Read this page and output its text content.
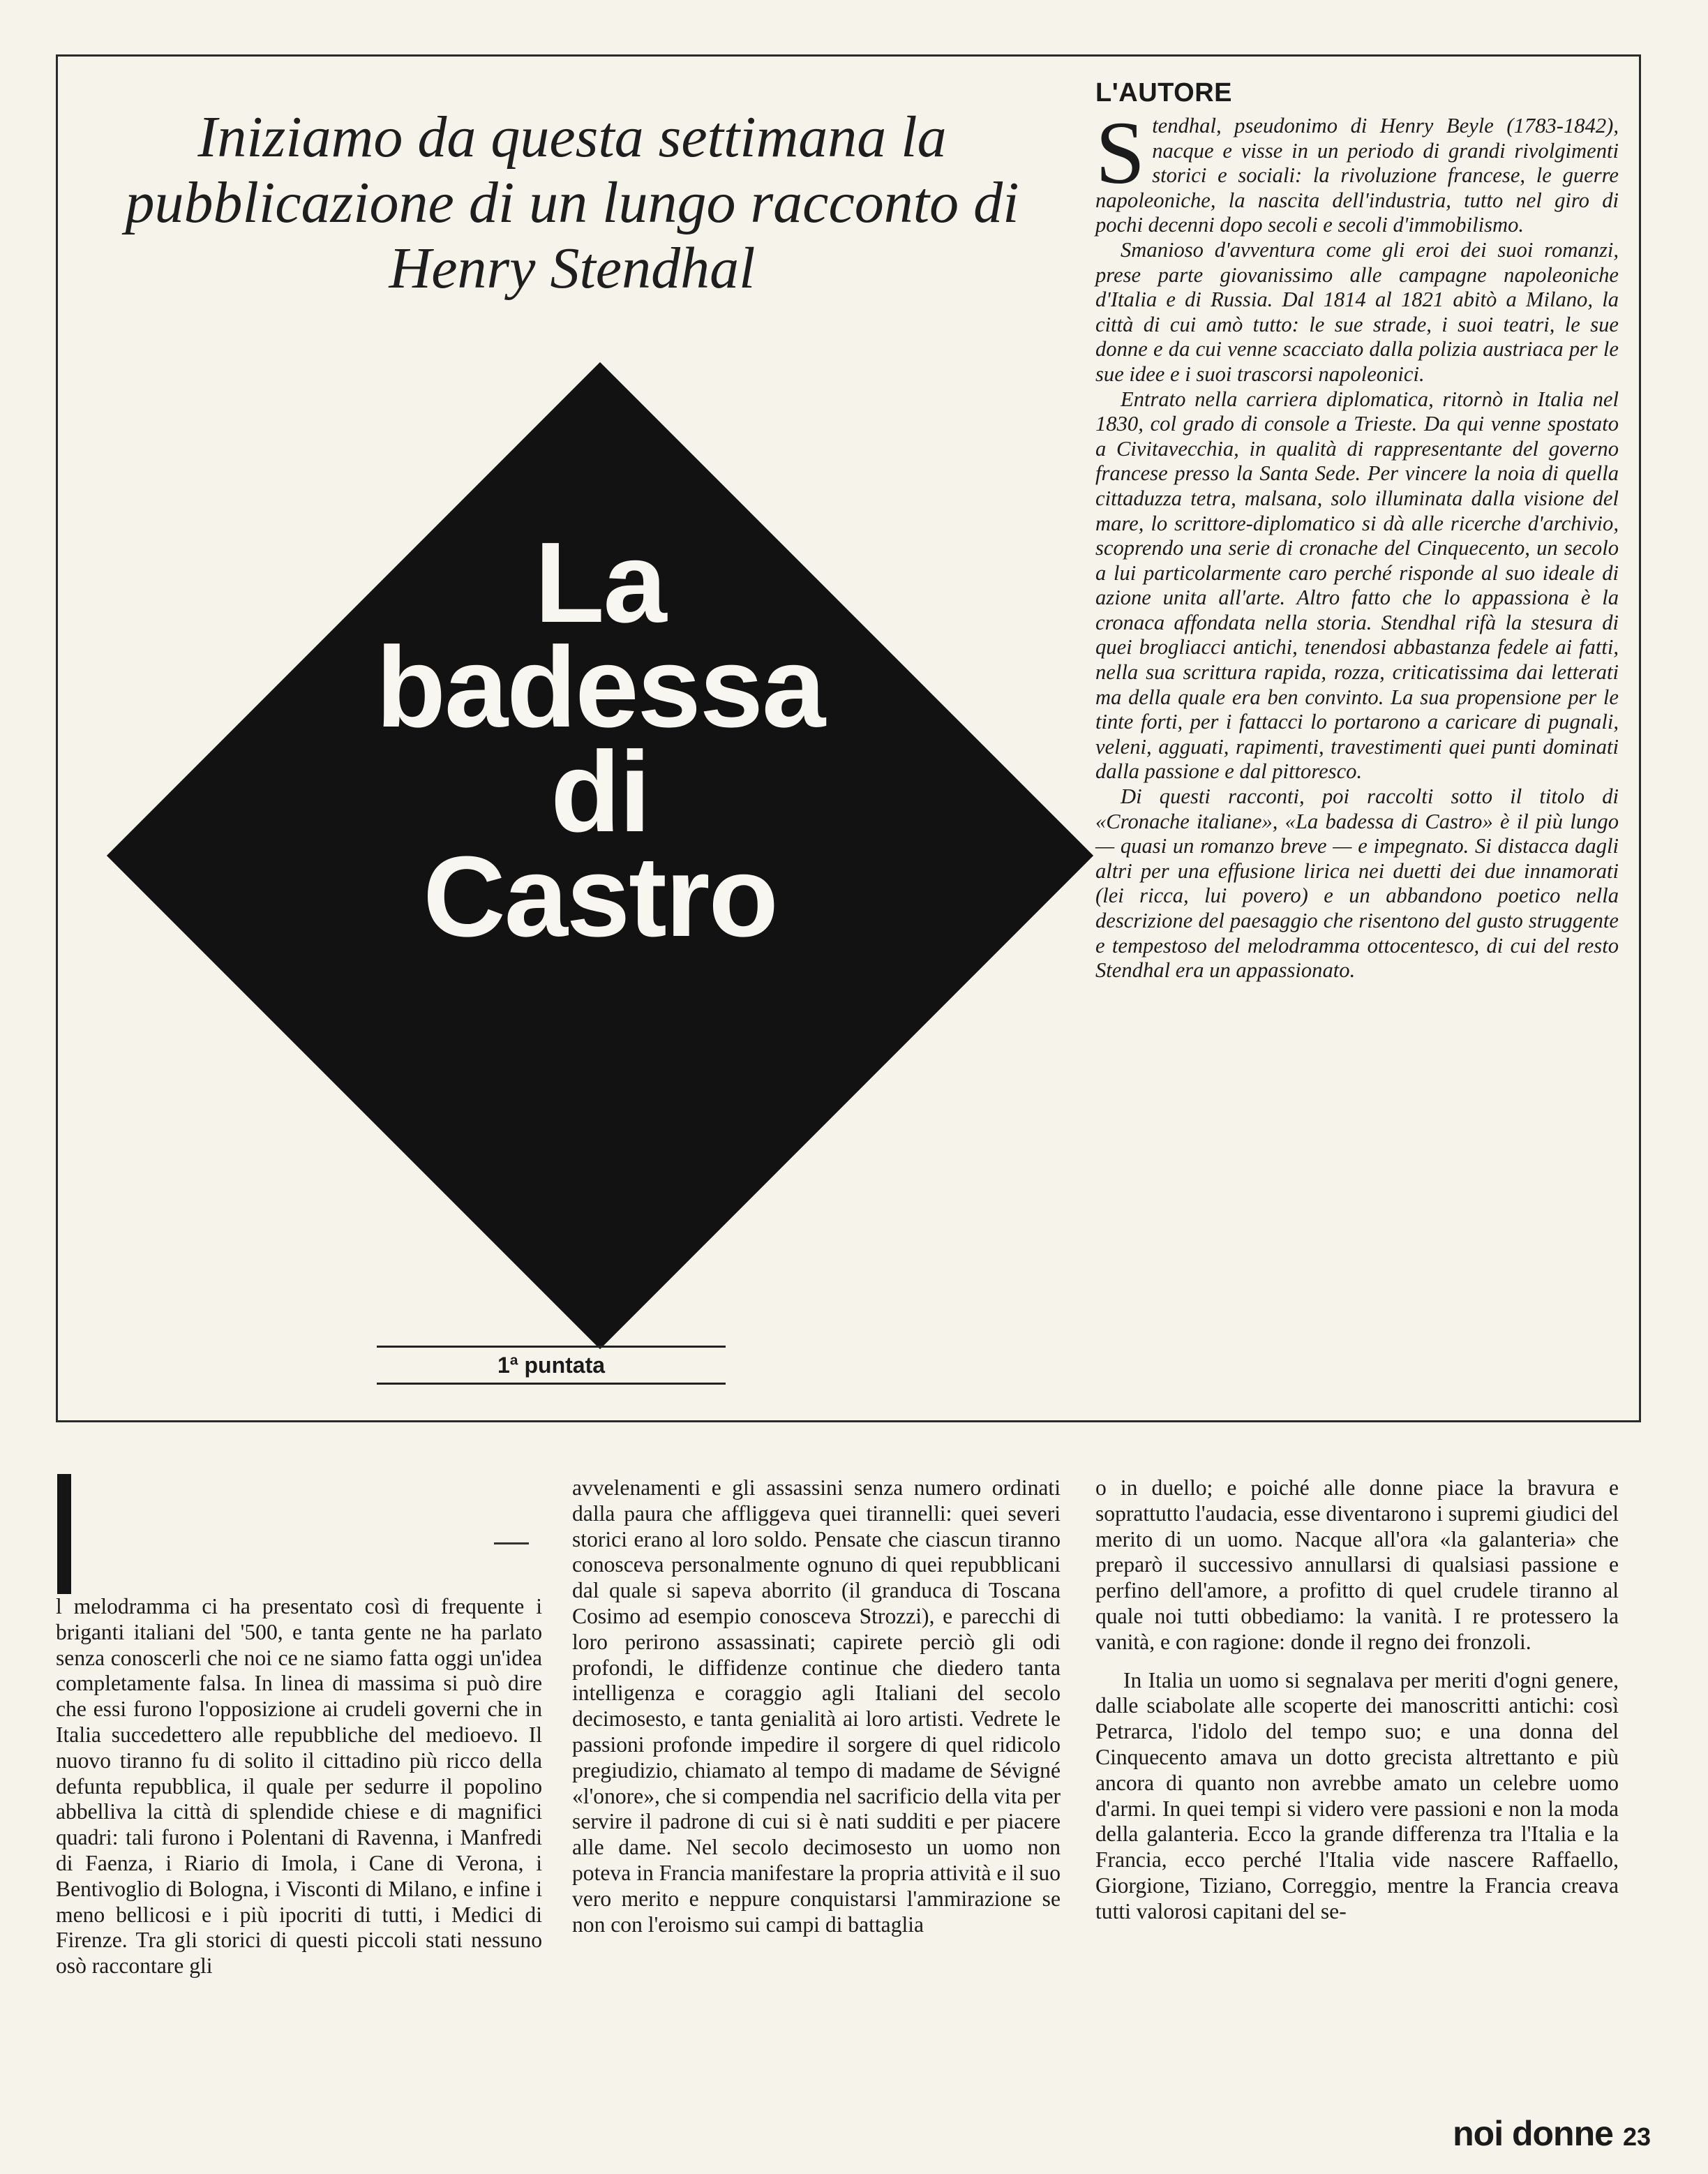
Iniziamo da questa settimana la pubblicazione di un lungo racconto di Henry Stendhal
La
badessa
di
Castro

1ª puntata

L'AUTORE

Stendhal, pseudonimo di Henry Beyle (1783-1842), nacque e visse in un periodo di grandi rivolgimenti storici e sociali: la rivoluzione francese, le guerre napoleoniche, la nascita dell'industria, tutto nel giro di pochi decenni dopo secoli e secoli d'immobilismo.

Smanioso d'avventura come gli eroi dei suoi romanzi, prese parte giovanissimo alle campagne napoleoniche d'Italia e di Russia. Dal 1814 al 1821 abitò a Milano, la città di cui amò tutto: le sue strade, i suoi teatri, le sue donne e da cui venne scacciato dalla polizia austriaca per le sue idee e i suoi trascorsi napoleonici.

Entrato nella carriera diplomatica, ritornò in Italia nel 1830, col grado di console a Trieste. Da qui venne spostato a Civitavecchia, in qualità di rappresentante del governo francese presso la Santa Sede. Per vincere la noia di quella cittaduzza tetra, malsana, solo illuminata dalla visione del mare, lo scrittore-diplomatico si dà alle ricerche d'archivio, scoprendo una serie di cronache del Cinquecento, un secolo a lui particolarmente caro perché risponde al suo ideale di azione unita all'arte. Altro fatto che lo appassiona è la cronaca affondata nella storia. Stendhal rifà la stesura di quei brogliacci antichi, tenendosi abbastanza fedele ai fatti, nella sua scrittura rapida, rozza, criticatissima dai letterati ma della quale era ben convinto. La sua propensione per le tinte forti, per i fattacci lo portarono a caricare di pugnali, veleni, agguati, rapimenti, travestimenti quei punti dominati dalla passione e dal pittoresco.

Di questi racconti, poi raccolti sotto il titolo di «Cronache italiane», «La badessa di Castro» è il più lungo — quasi un romanzo breve — e impegnato. Si distacca dagli altri per una effusione lirica nei duetti dei due innamorati (lei ricca, lui povero) e un abbandono poetico nella descrizione del paesaggio che risentono del gusto struggente e tempestoso del melodramma ottocentesco, di cui del resto Stendhal era un appassionato.

l melodramma ci ha presentato così di frequente i briganti italiani del '500, e tanta gente ne ha parlato senza conoscerli che noi ce ne siamo fatta oggi un'idea completamente falsa. In linea di massima si può dire che essi furono l'opposizione ai crudeli governi che in Italia succedettero alle repubbliche del medioevo. Il nuovo tiranno fu di solito il cittadino più ricco della defunta repubblica, il quale per sedurre il popolino abbelliva la città di splendide chiese e di magnifici quadri: tali furono i Polentani di Ravenna, i Manfredi di Faenza, i Riario di Imola, i Cane di Verona, i Bentivoglio di Bologna, i Visconti di Milano, e infine i meno bellicosi e i più ipocriti di tutti, i Medici di Firenze. Tra gli storici di questi piccoli stati nessuno osò raccontare gli

avvelenamenti e gli assassini senza numero ordinati dalla paura che affliggeva quei tirannelli: quei severi storici erano al loro soldo. Pensate che ciascun tiranno conosceva personalmente ognuno di quei repubblicani dal quale si sapeva aborrito (il granduca di Toscana Cosimo ad esempio conosceva Strozzi), e parecchi di loro perirono assassinati; capirete perciò gli odi profondi, le diffidenze continue che diedero tanta intelligenza e coraggio agli Italiani del secolo decimosesto, e tanta genialità ai loro artisti. Vedrete le passioni profonde impedire il sorgere di quel ridicolo pregiudizio, chiamato al tempo di madame de Sévigné «l'onore», che si compendia nel sacrificio della vita per servire il padrone di cui si è nati sudditi e per piacere alle dame. Nel secolo decimosesto un uomo non poteva in Francia manifestare la propria attività e il suo vero merito e neppure conquistarsi l'ammirazione se non con l'eroismo sui campi di battaglia

o in duello; e poiché alle donne piace la bravura e soprattutto l'audacia, esse diventarono i supremi giudici del merito di un uomo. Nacque all'ora «la galanteria» che preparò il successivo annullarsi di qualsiasi passione e perfino dell'amore, a profitto di quel crudele tiranno al quale noi tutti obbediamo: la vanità. I re protessero la vanità, e con ragione: donde il regno dei fronzoli.

In Italia un uomo si segnalava per meriti d'ogni genere, dalle sciabolate alle scoperte dei manoscritti antichi: così Petrarca, l'idolo del tempo suo; e una donna del Cinquecento amava un dotto grecista altrettanto e più ancora di quanto non avrebbe amato un celebre uomo d'armi. In quei tempi si videro vere passioni e non la moda della galanteria. Ecco la grande differenza tra l'Italia e la Francia, ecco perché l'Italia vide nascere Raffaello, Giorgione, Tiziano, Correggio, mentre la Francia creava tutti valorosi capitani del se-

noi donne 23
